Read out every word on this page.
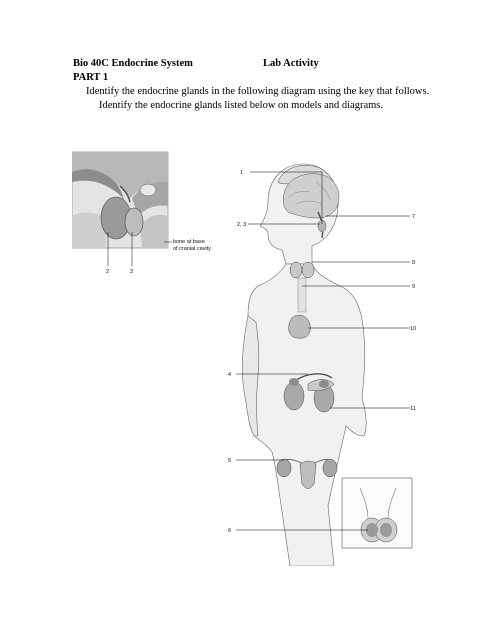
Bio 40C Endocrine System	Lab Activity
PART 1
Identify the endocrine glands in the following diagram using the key that follows.
Identify the endocrine glands listed below on models and diagrams.
bone at base
of cranial cavity
2	3
1
2, 3
7
8
9
10
4
11
5
6
